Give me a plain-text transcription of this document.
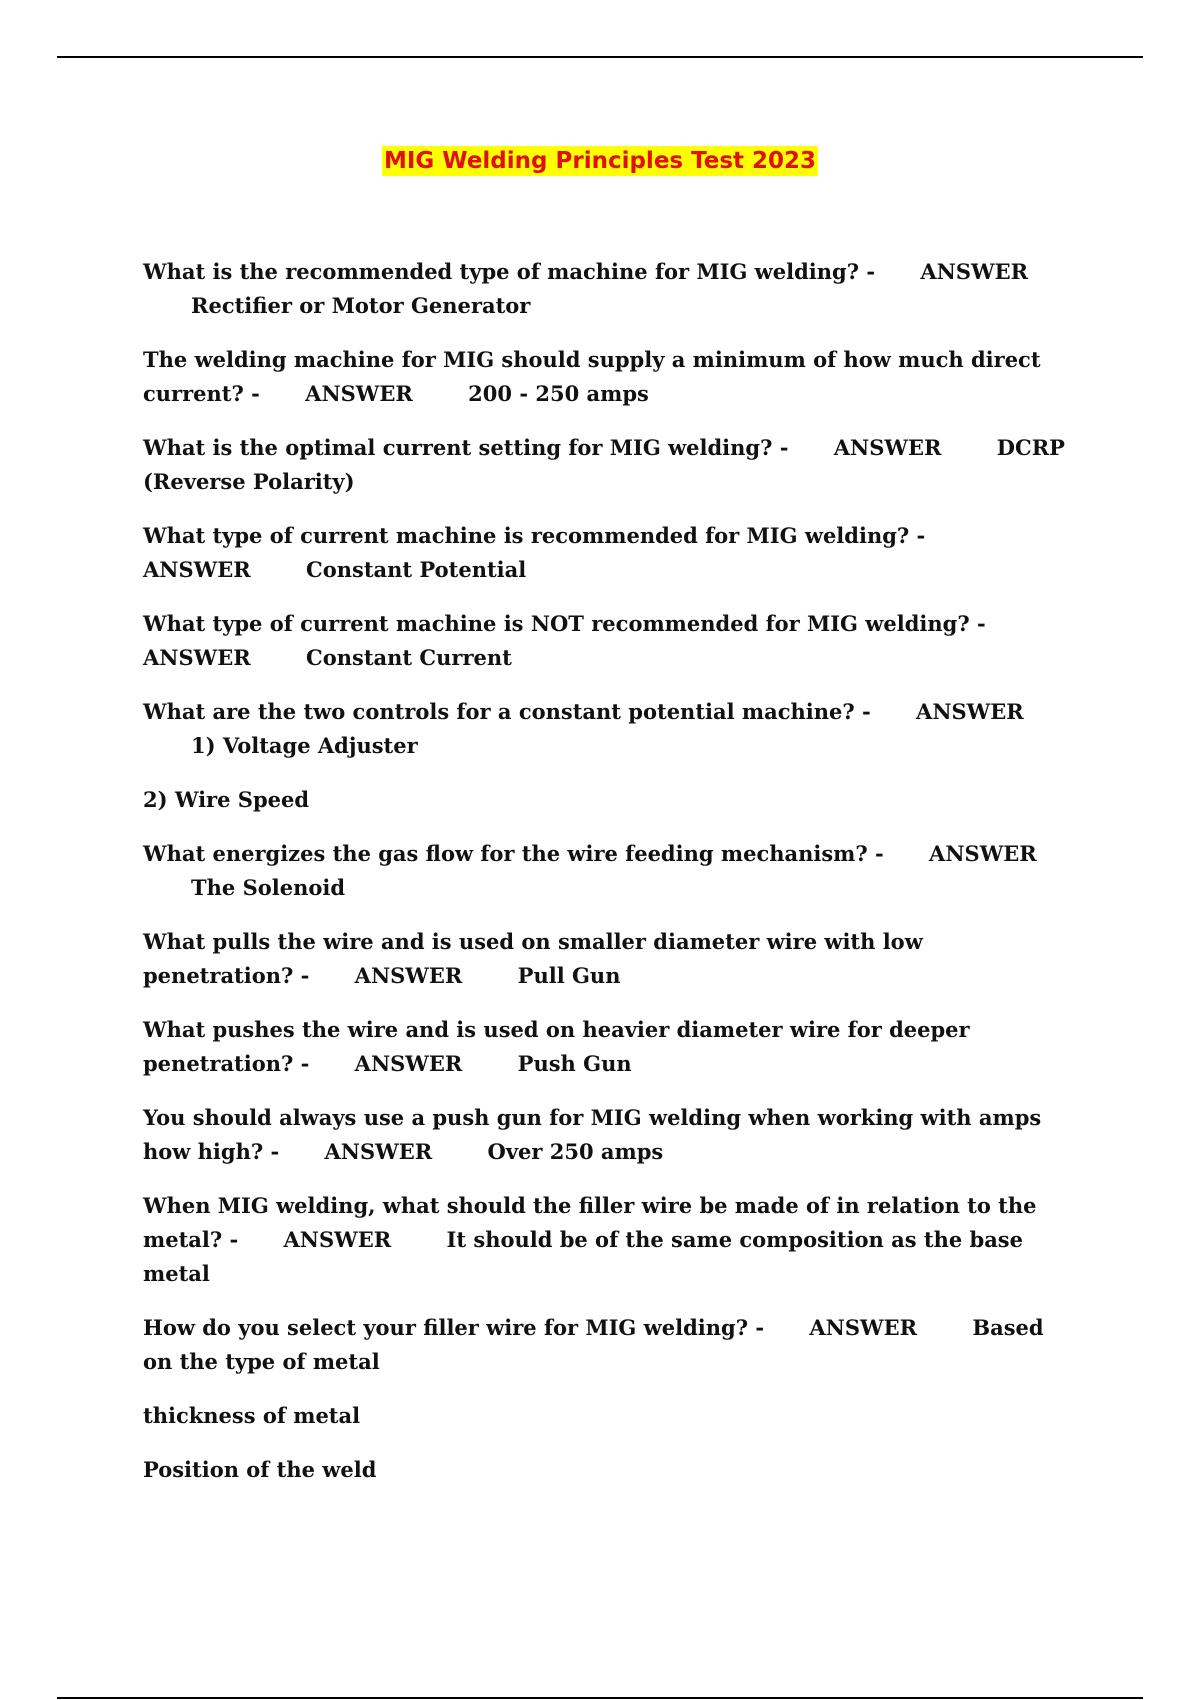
MIG Welding Principles Test 2023

What is the recommended type of machine for MIG welding? - ANSWER Rectifier or Motor Generator

The welding machine for MIG should supply a minimum of how much direct current? - ANSWER	200 - 250 amps

What is the optimal current setting for MIG welding? - ANSWER	DCRP (Reverse Polarity)

What type of current machine is recommended for MIG welding? - ANSWER	Constant Potential

What type of current machine is NOT recommended for MIG welding? - ANSWER	Constant Current

What are the two controls for a constant potential machine? - ANSWER 1) Voltage Adjuster

2) Wire Speed

What energizes the gas flow for the wire feeding mechanism? - ANSWER The Solenoid

What pulls the wire and is used on smaller diameter wire with low penetration? - ANSWER	Pull Gun

What pushes the wire and is used on heavier diameter wire for deeper penetration? - ANSWER	Push Gun

You should always use a push gun for MIG welding when working with amps how high? - ANSWER	Over 250 amps

When MIG welding, what should the filler wire be made of in relation to the metal? - ANSWER	It should be of the same composition as the base metal

How do you select your filler wire for MIG welding? - ANSWER	Based on the type of metal

thickness of metal

Position of the weld
